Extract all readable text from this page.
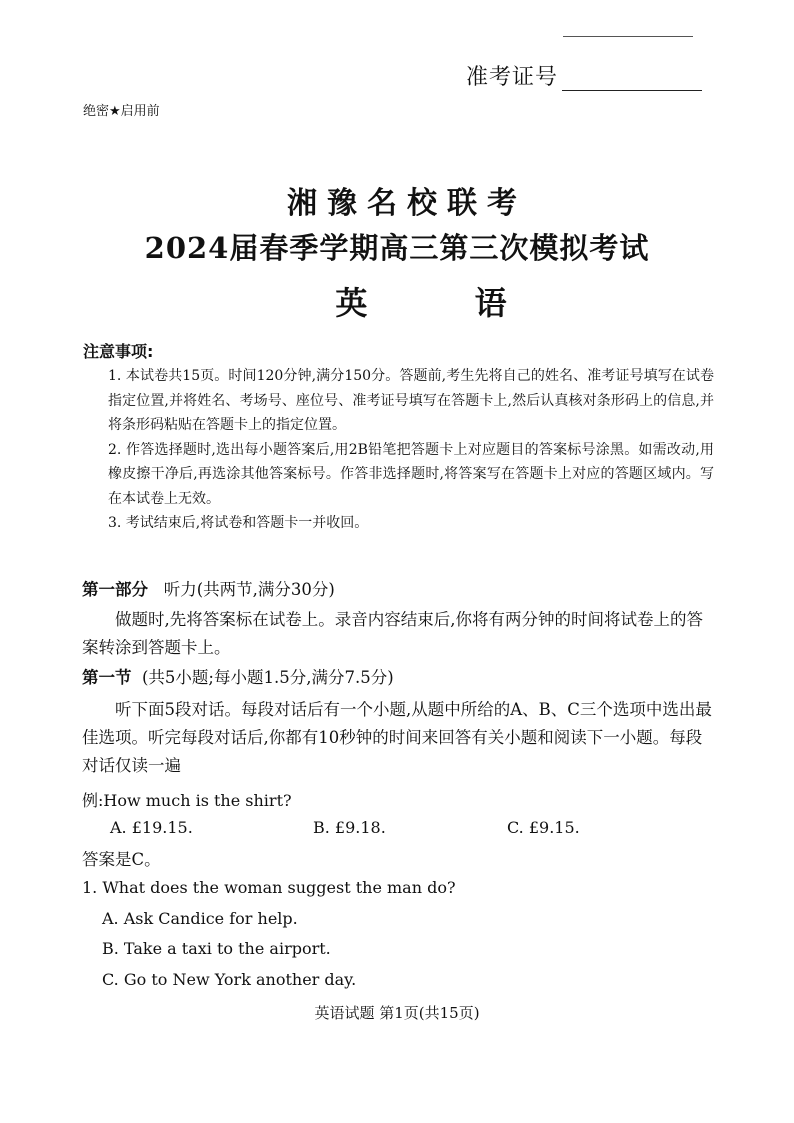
准考证号
绝密★启用前
湘豫名校联考
2024届春季学期高三第三次模拟考试
英 语
注意事项:
1. 本试卷共15页。时间120分钟,满分150分。答题前,考生先将自己的姓名、准考证号填写在试卷指定位置,并将姓名、考场号、座位号、准考证号填写在答题卡上,然后认真核对条形码上的信息,并将条形码粘贴在答题卡上的指定位置。
2. 作答选择题时,选出每小题答案后,用2B铅笔把答题卡上对应题目的答案标号涂黑。如需改动,用橡皮擦干净后,再选涂其他答案标号。作答非选择题时,将答案写在答题卡上对应的答题区域内。写在本试卷上无效。
3. 考试结束后,将试卷和答题卡一并收回。
第一部分 听力(共两节,满分30分)
做题时,先将答案标在试卷上。录音内容结束后,你将有两分钟的时间将试卷上的答案转涂到答题卡上。
第一节 (共5小题;每小题1.5分,满分7.5分)
听下面5段对话。每段对话后有一个小题,从题中所给的A、B、C三个选项中选出最佳选项。听完每段对话后,你都有10秒钟的时间来回答有关小题和阅读下一小题。每段对话仅读一遍
例:How much is the shirt?
A. £19.15.	B. £9.18.	C. £9.15.
答案是C。
1. What does the woman suggest the man do?
A. Ask Candice for help.
B. Take a taxi to the airport.
C. Go to New York another day.
英语试题 第1页(共15页)
